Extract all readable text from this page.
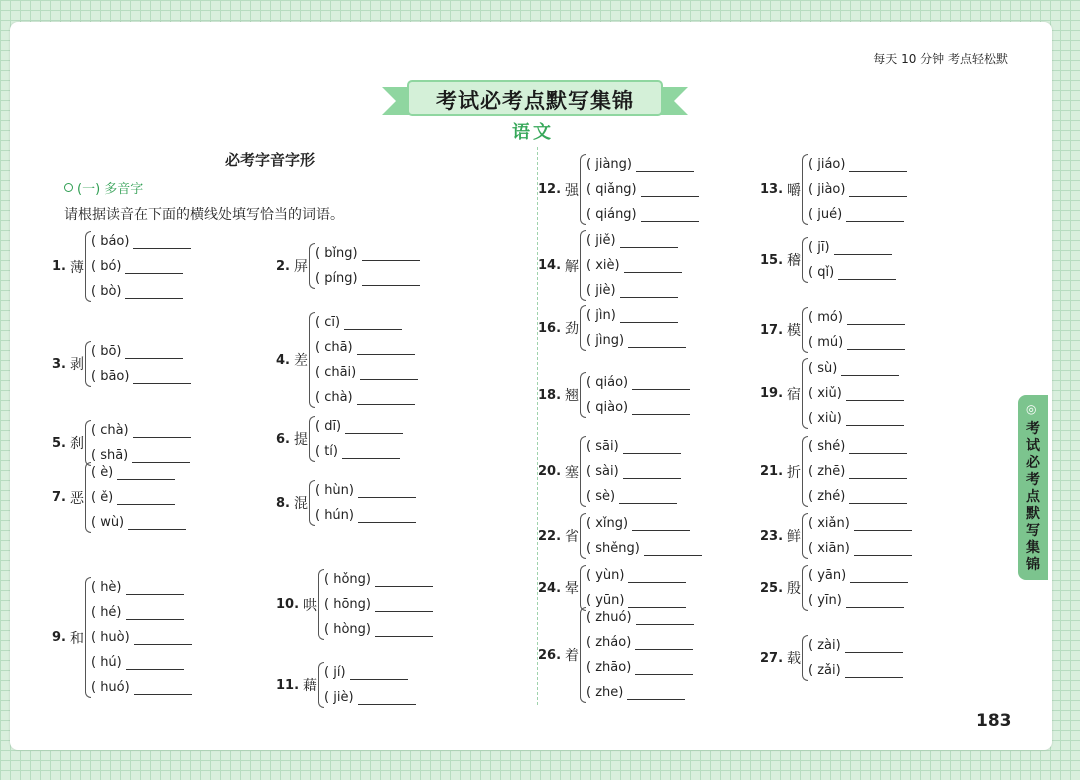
每天 10 分钟 考点轻松默
考试必考点默写集锦
语文
必考字音字形
(一) 多音字
请根据读音在下面的横线处填写恰当的词语。
1. 薄
( báo)
( bó)
( bò)
2. 屏
( bǐng)
( píng)
3. 剥
( bō)
( bāo)
4. 差
( cī)
( chā)
( chāi)
( chà)
5. 刹
( chà)
( shā)
6. 提
( dī)
( tí)
7. 恶
( è)
( ě)
( wù)
8. 混
( hùn)
( hún)
9. 和
( hè)
( hé)
( huò)
( hú)
( huó)
10. 哄
( hǒng)
( hōng)
( hòng)
11. 藉
( jí)
( jiè)
12. 强
( jiàng)
( qiǎng)
( qiáng)
13. 嚼
( jiáo)
( jiào)
( jué)
14. 解
( jiě)
( xiè)
( jiè)
15. 稽
( jī)
( qǐ)
16. 劲
( jìn)
( jìng)
17. 模
( mó)
( mú)
18. 翘
( qiáo)
( qiào)
19. 宿
( sù)
( xiǔ)
( xiù)
20. 塞
( sāi)
( sài)
( sè)
21. 折
( shé)
( zhē)
( zhé)
22. 省
( xǐng)
( shěng)
23. 鲜
( xiǎn)
( xiān)
24. 晕
( yùn)
( yūn)
25. 殷
( yān)
( yīn)
26. 着
( zhuó)
( zháo)
( zhāo)
( zhe)
27. 载
( zài)
( zǎi)
183
◎
考试必考点默写集锦
